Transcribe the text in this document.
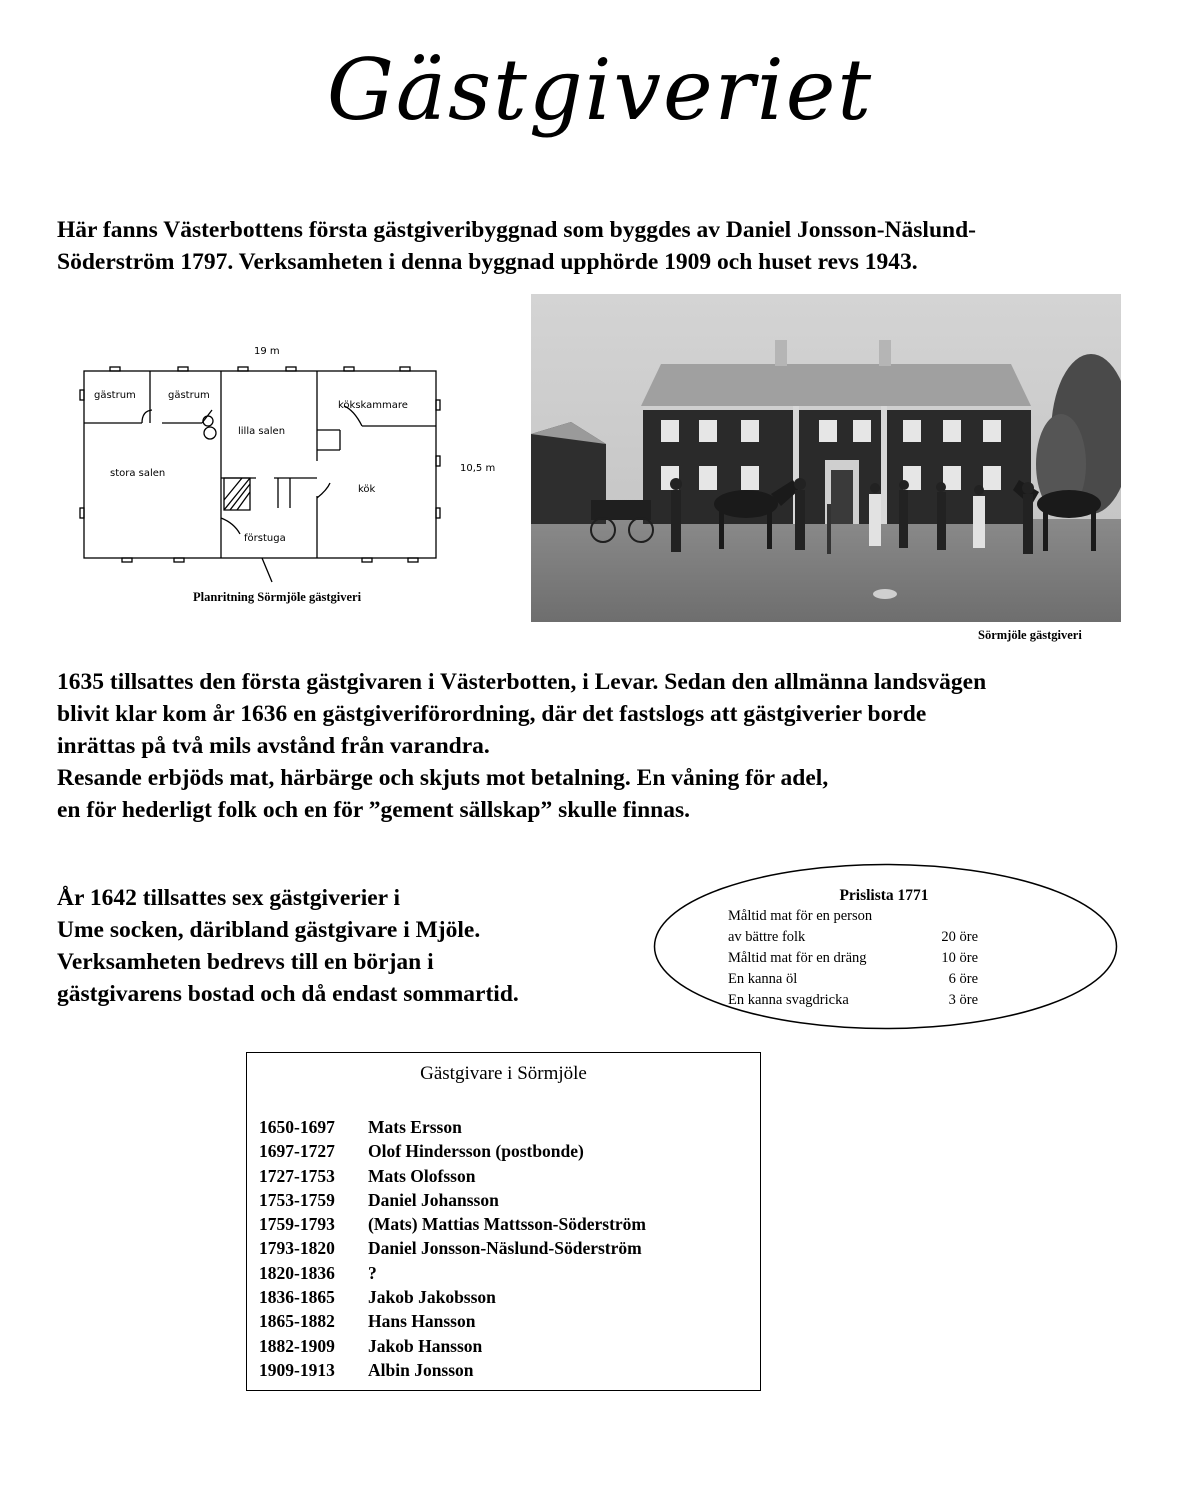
Gästgiveriet
Här fanns Västerbottens första gästgiveribyggnad som byggdes av Daniel Jonsson-Näslund-
Söderström 1797. Verksamheten i denna byggnad upphörde 1909 och huset revs 1943.
19 m
10,5 m
gästrum	gästrum
lilla salen
kökskammare
stora salen
kök
förstuga
Planritning Sörmjöle gästgiveri
Sörmjöle gästgiveri
1635 tillsattes den första gästgivaren i Västerbotten, i Levar. Sedan den allmänna landsvägen
blivit klar kom år 1636 en gästgiveriförordning, där det fastslogs att gästgiverier borde
inrättas på två mils avstånd från varandra.
Resande erbjöds mat, härbärge och skjuts mot betalning. En våning för adel,
en för hederligt folk och en för ”gement sällskap” skulle finnas.
År 1642 tillsattes sex gästgiverier i
Ume socken, däribland gästgivare i Mjöle.
Verksamheten bedrevs till en början i
gästgivarens bostad och då endast sommartid.
Prislista 1771
Måltid mat för en person
av bättre folk	20 öre
Måltid mat för en dräng	10 öre
En kanna öl	6 öre
En kanna svagdricka	3 öre
Gästgivare i Sörmjöle
1650-1697	Mats Ersson
1697-1727	Olof Hindersson (postbonde)
1727-1753	Mats Olofsson
1753-1759	Daniel Johansson
1759-1793	(Mats) Mattias Mattsson-Söderström
1793-1820	Daniel Jonsson-Näslund-Söderström
1820-1836	?
1836-1865	Jakob Jakobsson
1865-1882	Hans Hansson
1882-1909	Jakob Hansson
1909-1913	Albin Jonsson
